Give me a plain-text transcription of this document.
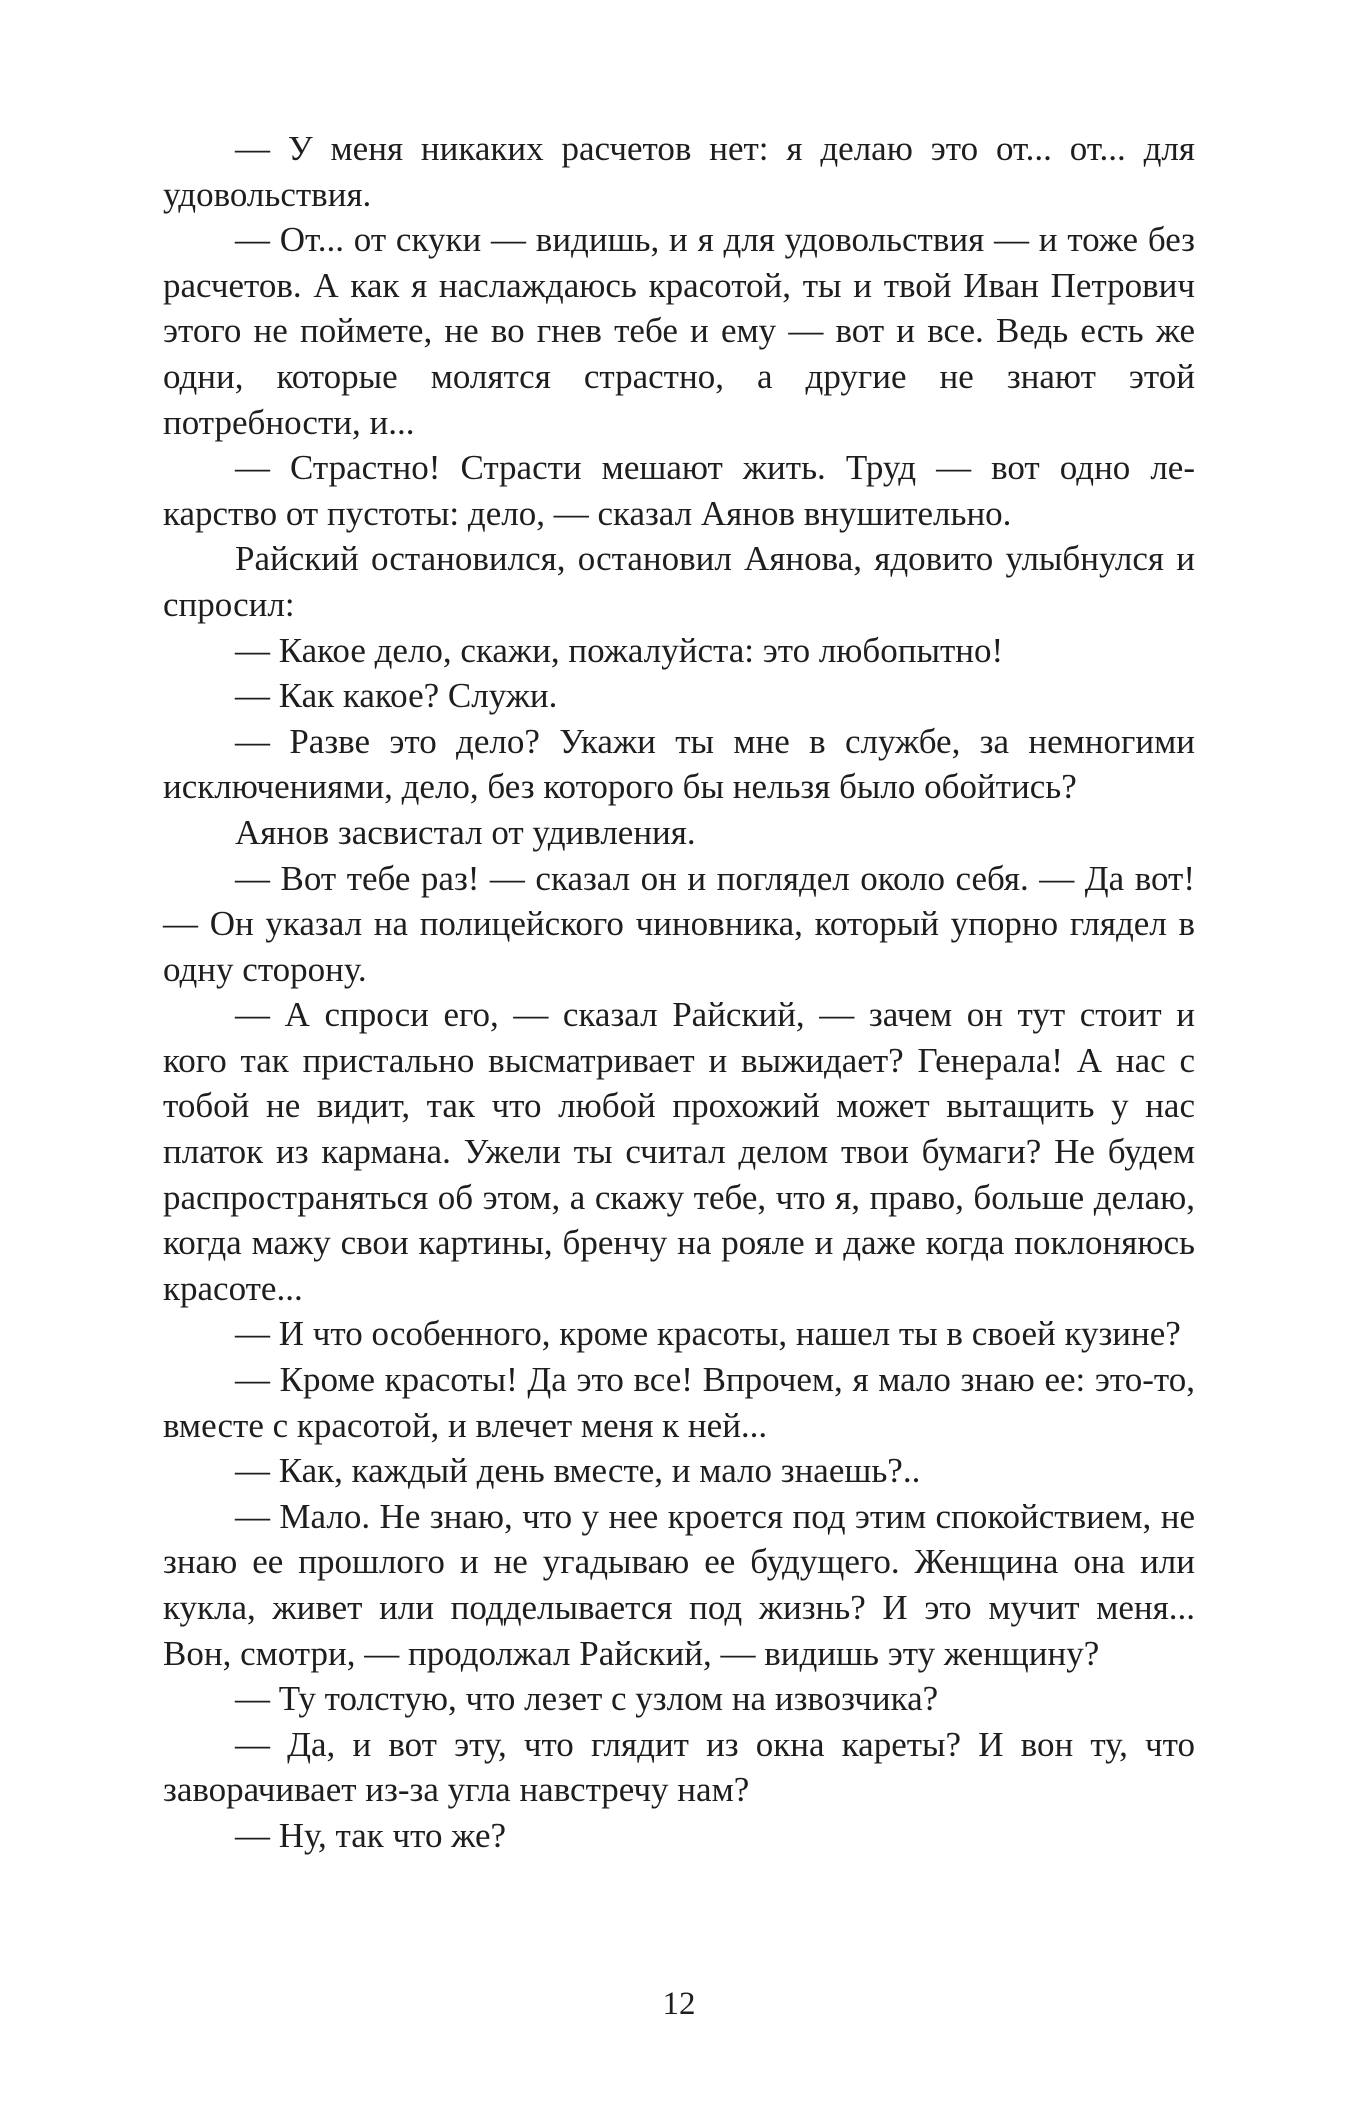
— У меня никаких расчетов нет: я делаю это от... от... для удовольствия.

— От... от скуки — видишь, и я для удовольствия — и тоже без расчетов. А как я наслаждаюсь красотой, ты и твой Иван Петрович этого не поймете, не во гнев тебе и ему — вот и все. Ведь есть же одни, которые молятся страстно, а другие не знают этой потребности, и...

— Страстно! Страсти мешают жить. Труд — вот одно лекарство от пустоты: дело, — сказал Аянов внушительно.

Райский остановился, остановил Аянова, ядовито улыбнулся и спросил:

— Какое дело, скажи, пожалуйста: это любопытно!

— Как какое? Служи.

— Разве это дело? Укажи ты мне в службе, за немногими исключениями, дело, без которого бы нельзя было обойтись?

Аянов засвистал от удивления.

— Вот тебе раз! — сказал он и поглядел около себя. — Да вот! — Он указал на полицейского чиновника, который упорно глядел в одну сторону.

— А спроси его, — сказал Райский, — зачем он тут стоит и кого так пристально высматривает и выжидает? Генерала! А нас с тобой не видит, так что любой прохожий может вытащить у нас платок из кармана. Ужели ты считал делом твои бумаги? Не будем распространяться об этом, а скажу тебе, что я, право, больше делаю, когда мажу свои картины, бренчу на рояле и даже когда поклоняюсь красоте...

— И что особенного, кроме красоты, нашел ты в своей кузине?

— Кроме красоты! Да это все! Впрочем, я мало знаю ее: это-то, вместе с красотой, и влечет меня к ней...

— Как, каждый день вместе, и мало знаешь?..

— Мало. Не знаю, что у нее кроется под этим спокойствием, не знаю ее прошлого и не угадываю ее будущего. Женщина она или кукла, живет или подделывается под жизнь? И это мучит меня... Вон, смотри, — продолжал Райский, — видишь эту женщину?

— Ту толстую, что лезет с узлом на извозчика?

— Да, и вот эту, что глядит из окна кареты? И вон ту, что заворачивает из-за угла навстречу нам?

— Ну, так что же?

12
